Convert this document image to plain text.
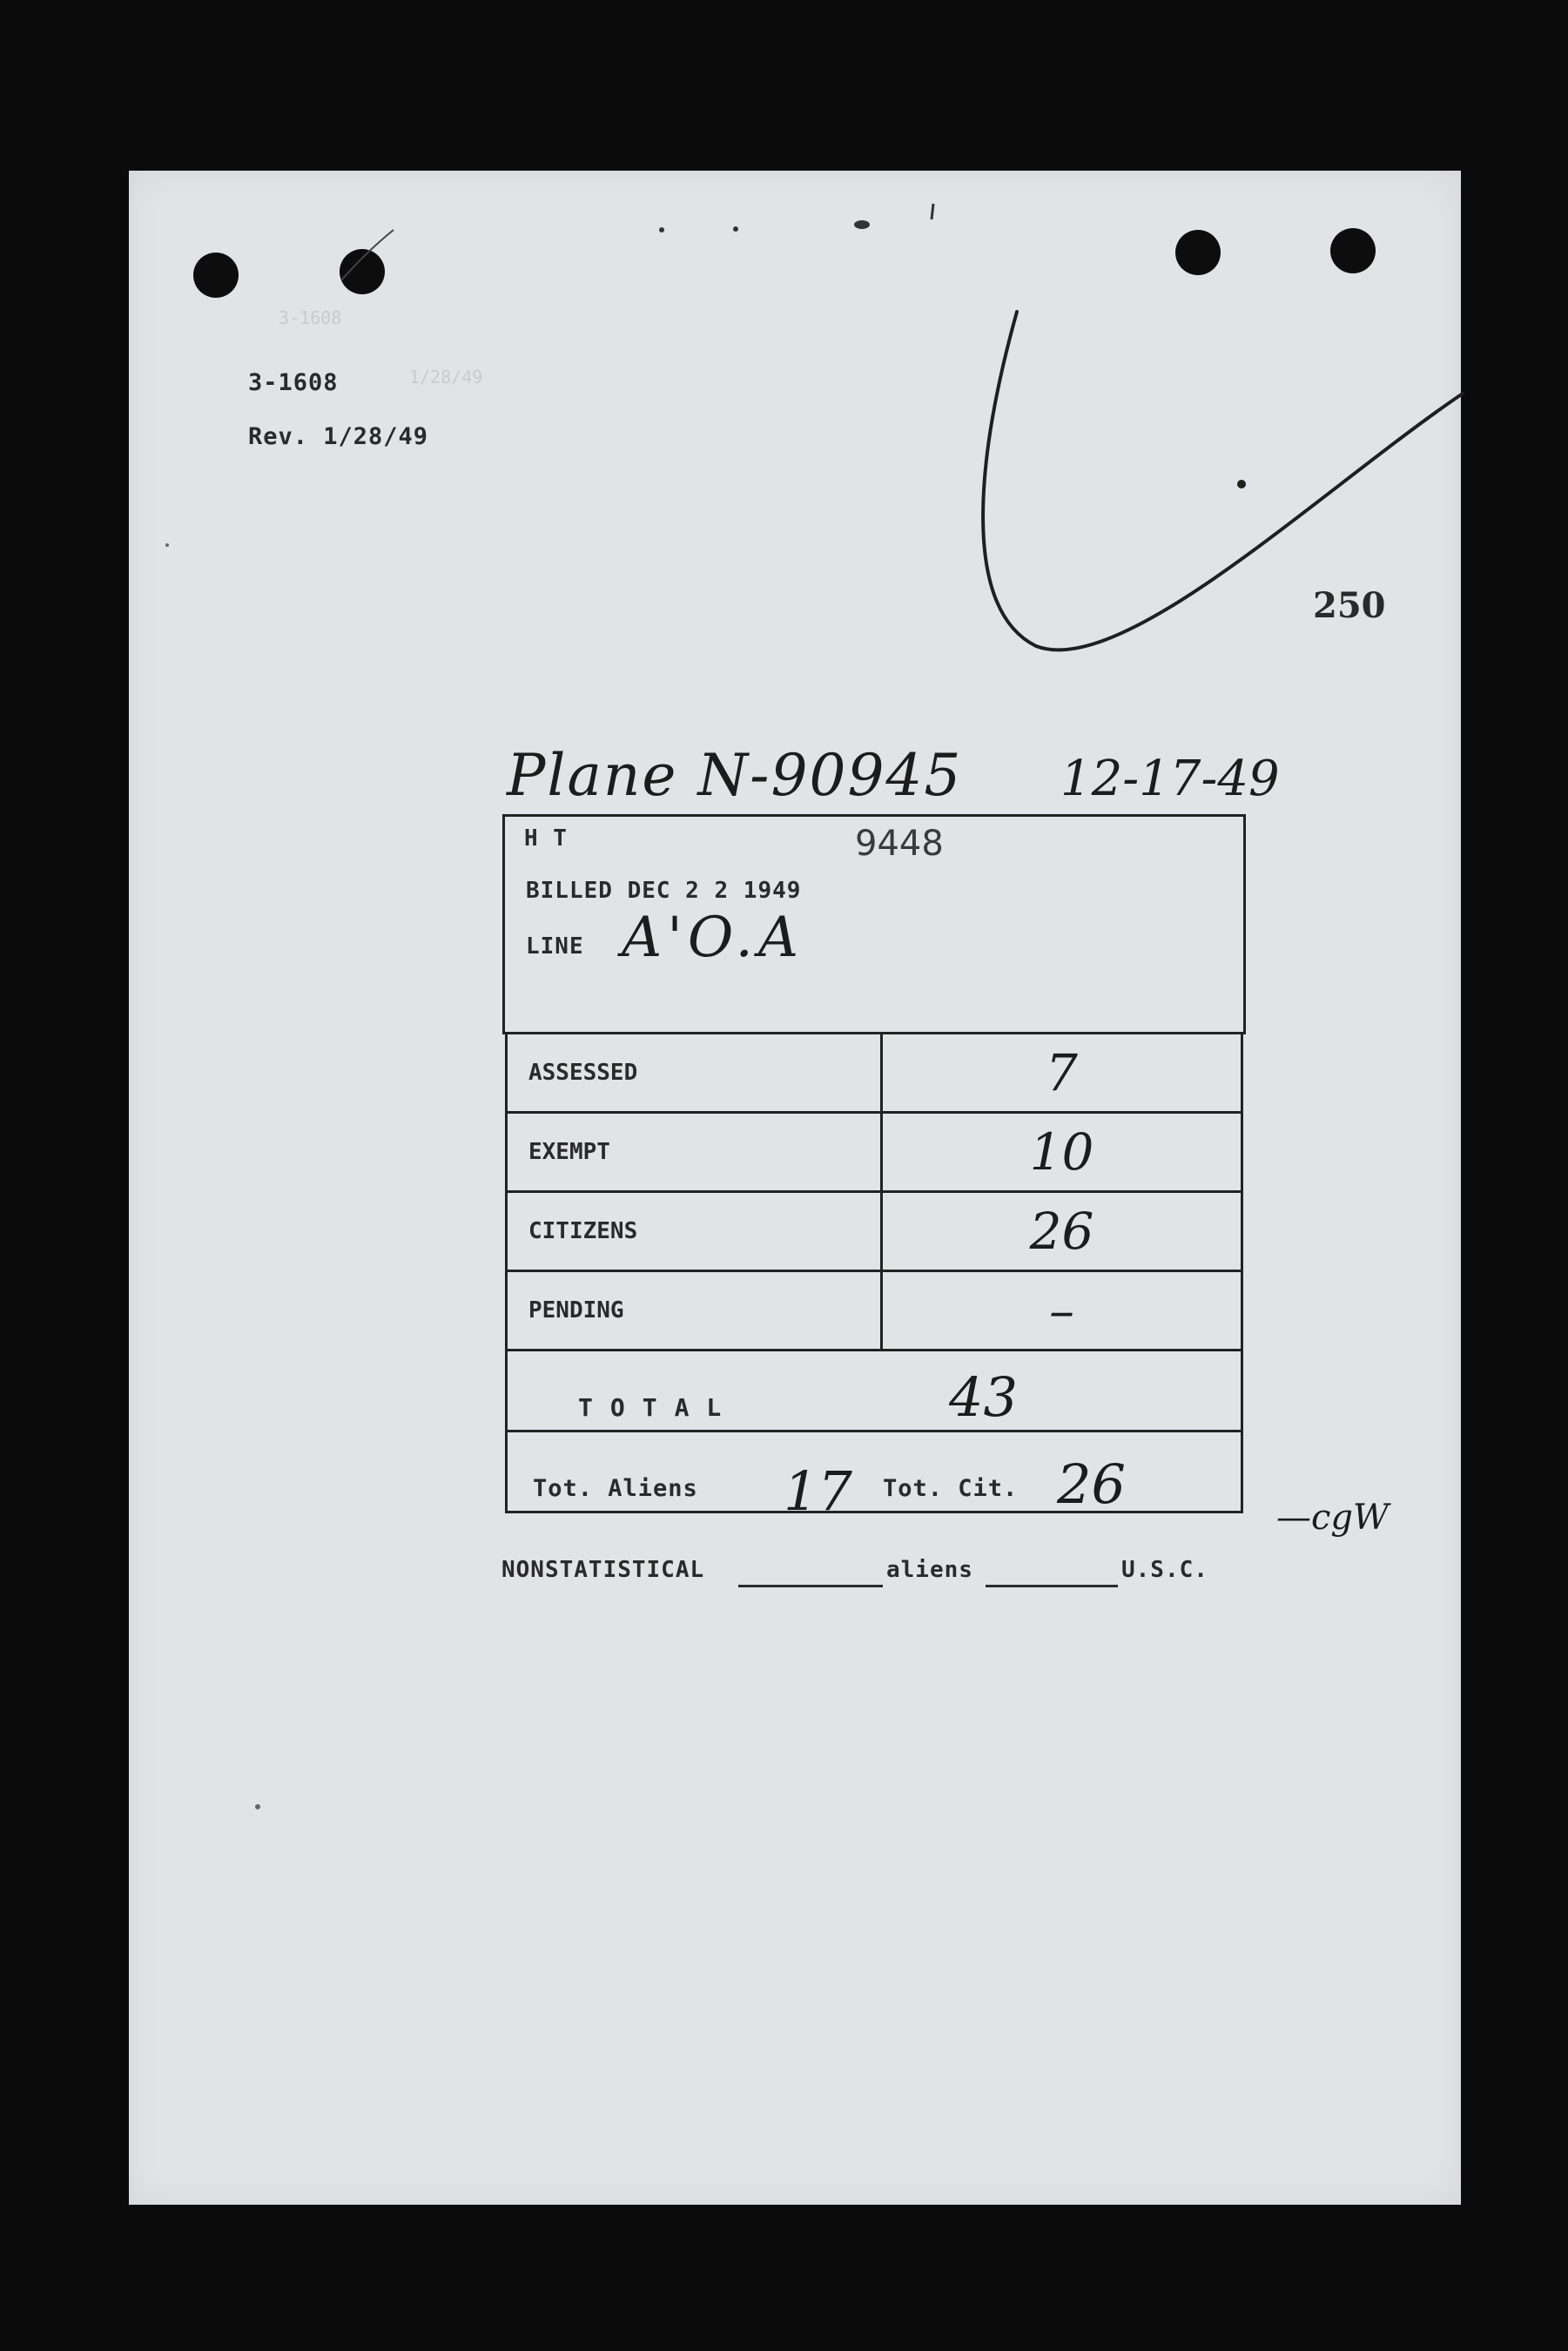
3-1608
1/28/49
3-1608
Rev. 1/28/49
250
Plane N-90945 12-17-49
H T	9448
BILLED DEC 2 2 1949
LINE A'O.A
ASSESSED	7
EXEMPT	10
CITIZENS	26
PENDING	–

TOTAL	43
Tot. Aliens 17 Tot. Cit. 26
—cgW
NONSTATISTICAL	aliens	U.S.C.
